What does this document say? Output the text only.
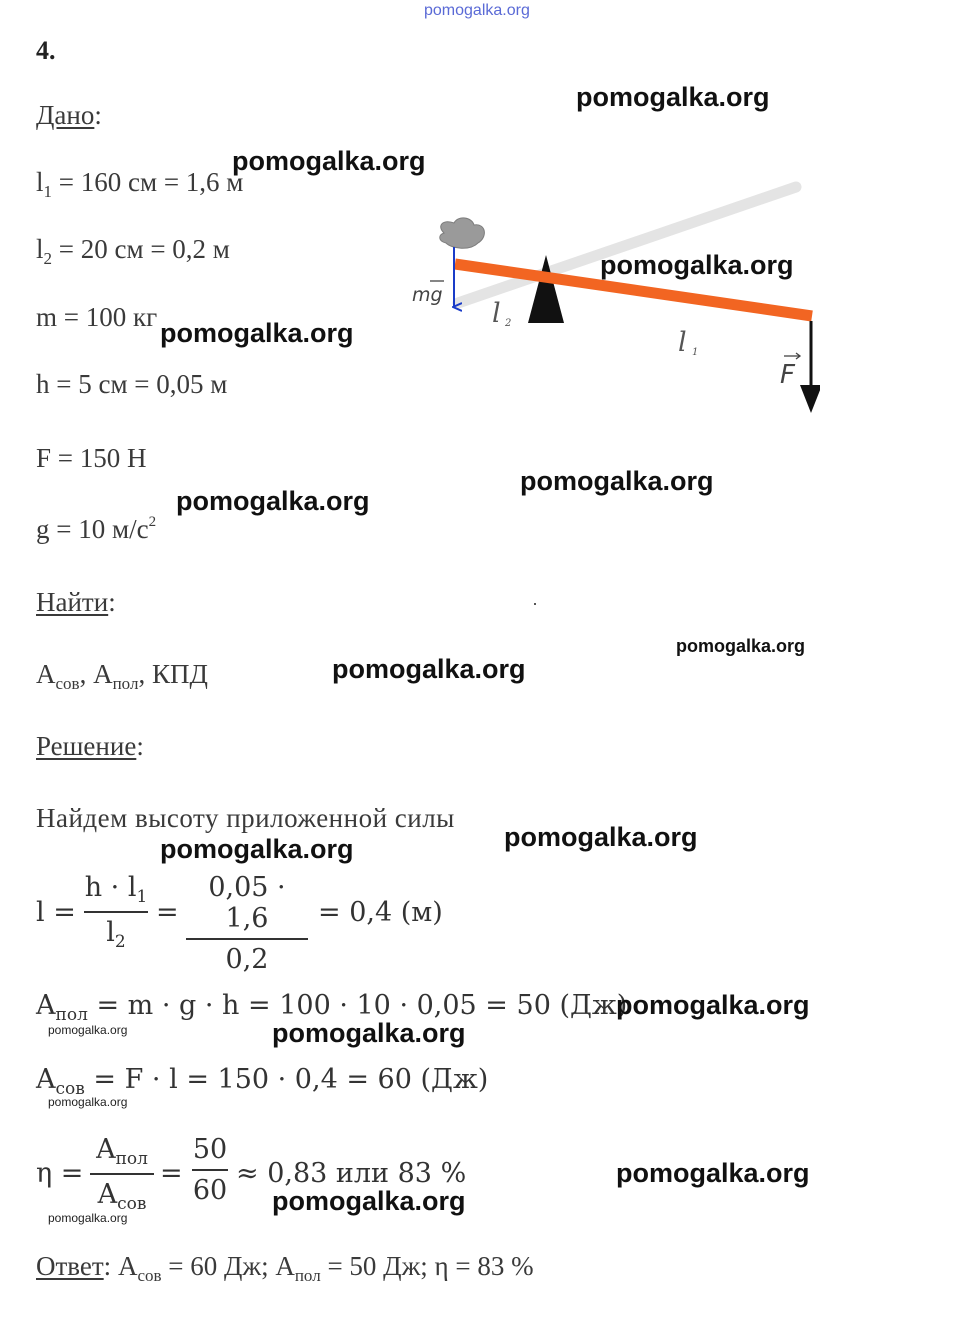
pomogalka.org
4.
Дано:
$l_1 = 160$ см = 1,6 м
$l_2 = 20$ см = 0,2 м
m = 100 кг
h = 5 см = 0,05 м
F = 150 Н
g = 10 $м/с^2$
Найти:
$A_{сов}$, $A_{пол}$, КПД
Решение:
Найдем высоту приложенной силы
l =
$h \cdot l_1$
$l_2$
=
0,05 · 1,6
0,2
= 0,4 (м)
$A_{пол} = m \cdot g \cdot h = 100 \cdot 10 \cdot 0,05 = 50$ (Дж)
$A_{сов} = F \cdot l = 150 \cdot 0,4 = 60$ (Дж)
η =
$A_{пол}$
$A_{сов}$
=
50
60
≈ 0,83 или 83 %
Ответ: $A_{сов} = 60$ Дж; $A_{пол} = 50$ Дж; η = 83 %
mg
l 2
l 1
F
pomogalka.org
pomogalka.org
pomogalka.org
pomogalka.org
pomogalka.org
pomogalka.org
pomogalka.org
pomogalka.org
pomogalka.org
pomogalka.org
pomogalka.org
pomogalka.org
pomogalka.org
pomogalka.org
pomogalka.org
pomogalka.org
pomogalka.org
